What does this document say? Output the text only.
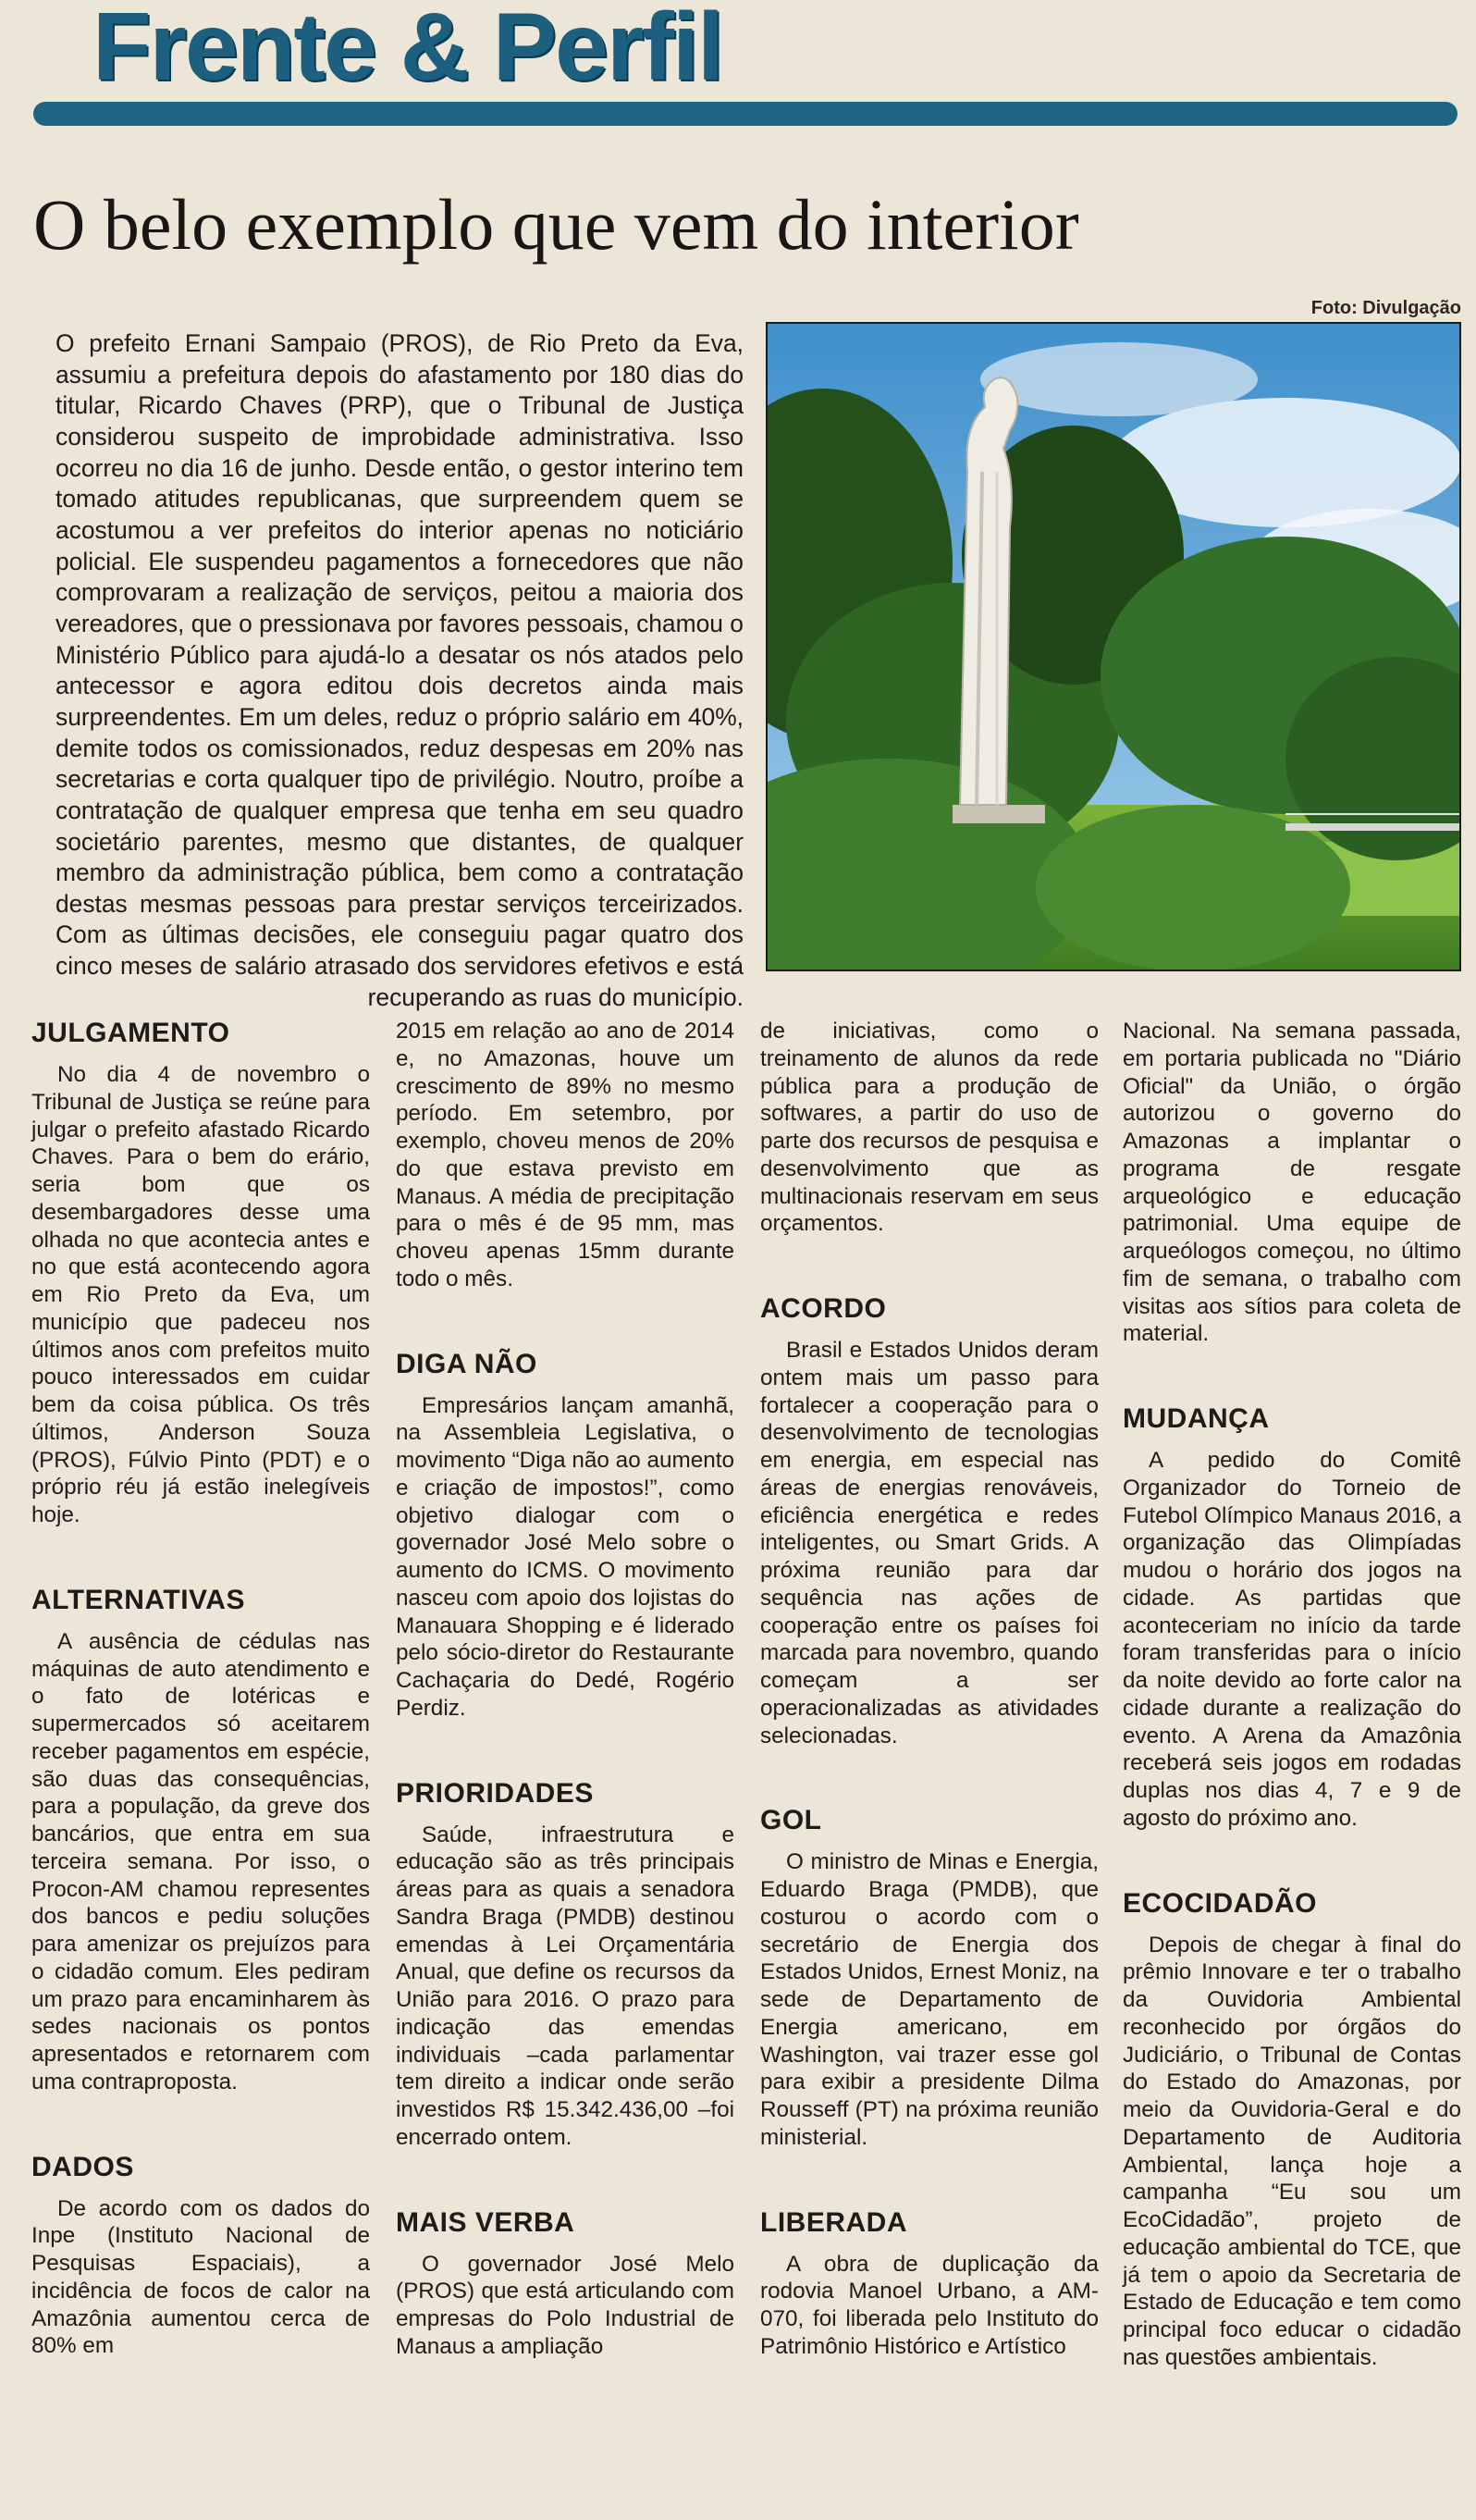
Frente & Perfil
O belo exemplo que vem do interior

O prefeito Ernani Sampaio (PROS), de Rio Preto da Eva, assumiu a prefeitura depois do afastamento por 180 dias do titular, Ricardo Chaves (PRP), que o Tribunal de Justiça considerou suspeito de improbidade administrativa. Isso ocorreu no dia 16 de junho. Desde então, o gestor interino tem tomado atitudes republicanas, que surpreendem quem se acostumou a ver prefeitos do interior apenas no noticiário policial. Ele suspendeu pagamentos a fornecedores que não comprovaram a realização de serviços, peitou a maioria dos vereadores, que o pressionava por favores pessoais, chamou o Ministério Público para ajudá-lo a desatar os nós atados pelo antecessor e agora editou dois decretos ainda mais surpreendentes. Em um deles, reduz o próprio salário em 40%, demite todos os comissionados, reduz despesas em 20% nas secretarias e corta qualquer tipo de privilégio. Noutro, proíbe a contratação de qualquer empresa que tenha em seu quadro societário parentes, mesmo que distantes, de qualquer membro da administração pública, bem como a contratação destas mesmas pessoas para prestar serviços terceirizados. Com as últimas decisões, ele conseguiu pagar quatro dos cinco meses de salário atrasado dos servidores efetivos e está recuperando as ruas do município.

Foto: Divulgação
JULGAMENTO

No dia 4 de novembro o Tribunal de Justiça se reúne para julgar o prefeito afastado Ricardo Chaves. Para o bem do erário, seria bom que os desembargadores desse uma olhada no que acontecia antes e no que está acontecendo agora em Rio Preto da Eva, um município que padeceu nos últimos anos com prefeitos muito pouco interessados em cuidar bem da coisa pública. Os três últimos, Anderson Souza (PROS), Fúlvio Pinto (PDT) e o próprio réu já estão inelegíveis hoje.

ALTERNATIVAS

A ausência de cédulas nas máquinas de auto atendimento e o fato de lotéricas e supermercados só aceitarem receber pagamentos em espécie, são duas das consequências, para a população, da greve dos bancários, que entra em sua terceira semana. Por isso, o Procon-AM chamou representes dos bancos e pediu soluções para amenizar os prejuízos para o cidadão comum. Eles pediram um prazo para encaminharem às sedes nacionais os pontos apresentados e retornarem com uma contraproposta.

DADOS

De acordo com os dados do Inpe (Instituto Nacional de Pesquisas Espaciais), a incidência de focos de calor na Amazônia aumentou cerca de 80% em

2015 em relação ao ano de 2014 e, no Amazonas, houve um crescimento de 89% no mesmo período. Em setembro, por exemplo, choveu menos de 20% do que estava previsto em Manaus. A média de precipitação para o mês é de 95 mm, mas choveu apenas 15mm durante todo o mês.

DIGA NÃO

Empresários lançam amanhã, na Assembleia Legislativa, o movimento “Diga não ao aumento e criação de impostos!”, como objetivo dialogar com o governador José Melo sobre o aumento do ICMS. O movimento nasceu com apoio dos lojistas do Manauara Shopping e é liderado pelo sócio-diretor do Restaurante Cachaçaria do Dedé, Rogério Perdiz.

PRIORIDADES

Saúde, infraestrutura e educação são as três principais áreas para as quais a senadora Sandra Braga (PMDB) destinou emendas à Lei Orçamentária Anual, que define os recursos da União para 2016. O prazo para indicação das emendas individuais –cada parlamentar tem direito a indicar onde serão investidos R$ 15.342.436,00 –foi encerrado ontem.

MAIS VERBA

O governador José Melo (PROS) que está articulando com empresas do Polo Industrial de Manaus a ampliação

de iniciativas, como o treinamento de alunos da rede pública para a produção de softwares, a partir do uso de parte dos recursos de pesquisa e desenvolvimento que as multinacionais reservam em seus orçamentos.

ACORDO

Brasil e Estados Unidos deram ontem mais um passo para fortalecer a cooperação para o desenvolvimento de tecnologias em energia, em especial nas áreas de energias renováveis, eficiência energética e redes inteligentes, ou Smart Grids. A próxima reunião para dar sequência nas ações de cooperação entre os países foi marcada para novembro, quando começam a ser operacionalizadas as atividades selecionadas.

GOL

O ministro de Minas e Energia, Eduardo Braga (PMDB), que costurou o acordo com o secretário de Energia dos Estados Unidos, Ernest Moniz, na sede de Departamento de Energia americano, em Washington, vai trazer esse gol para exibir a presidente Dilma Rousseff (PT) na próxima reunião ministerial.

LIBERADA

A obra de duplicação da rodovia Manoel Urbano, a AM-070, foi liberada pelo Instituto do Patrimônio Histórico e Artístico

Nacional. Na semana passada, em portaria publicada no "Diário Oficial" da União, o órgão autorizou o governo do Amazonas a implantar o programa de resgate arqueológico e educação patrimonial. Uma equipe de arqueólogos começou, no último fim de semana, o trabalho com visitas aos sítios para coleta de material.

MUDANÇA

A pedido do Comitê Organizador do Torneio de Futebol Olímpico Manaus 2016, a organização das Olimpíadas mudou o horário dos jogos na cidade. As partidas que aconteceriam no início da tarde foram transferidas para o início da noite devido ao forte calor na cidade durante a realização do evento. A Arena da Amazônia receberá seis jogos em rodadas duplas nos dias 4, 7 e 9 de agosto do próximo ano.

ECOCIDADÃO

Depois de chegar à final do prêmio Innovare e ter o trabalho da Ouvidoria Ambiental reconhecido por órgãos do Judiciário, o Tribunal de Contas do Estado do Amazonas, por meio da Ouvidoria-Geral e do Departamento de Auditoria Ambiental, lança hoje a campanha “Eu sou um EcoCidadão”, projeto de educação ambiental do TCE, que já tem o apoio da Secretaria de Estado de Educação e tem como principal foco educar o cidadão nas questões ambientais.
